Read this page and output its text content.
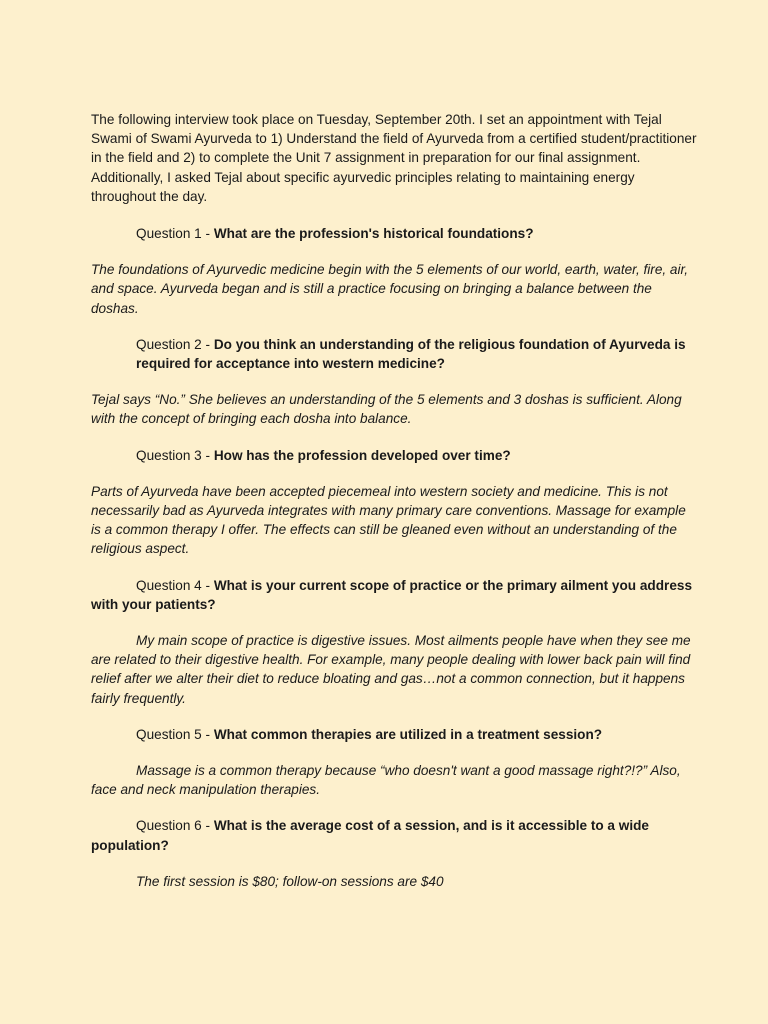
The following interview took place on Tuesday, September 20th. I set an appointment with Tejal Swami of Swami Ayurveda to 1) Understand the field of Ayurveda from a certified student/practitioner in the field and 2) to complete the Unit 7 assignment in preparation for our final assignment. Additionally, I asked Tejal about specific ayurvedic principles relating to maintaining energy throughout the day.

Question 1 - What are the profession's historical foundations?

The foundations of Ayurvedic medicine begin with the 5 elements of our world, earth, water, fire, air, and space. Ayurveda began and is still a practice focusing on bringing a balance between the doshas.

Question 2 - Do you think an understanding of the religious foundation of Ayurveda is required for acceptance into western medicine?

Tejal says “No.” She believes an understanding of the 5 elements and 3 doshas is sufficient. Along with the concept of bringing each dosha into balance.

Question 3 - How has the profession developed over time?

Parts of Ayurveda have been accepted piecemeal into western society and medicine. This is not necessarily bad as Ayurveda integrates with many primary care conventions. Massage for example is a common therapy I offer. The effects can still be gleaned even without an understanding of the religious aspect.

Question 4 - What is your current scope of practice or the primary ailment you address with your patients?

My main scope of practice is digestive issues. Most ailments people have when they see me are related to their digestive health. For example, many people dealing with lower back pain will find relief after we alter their diet to reduce bloating and gas…not a common connection, but it happens fairly frequently.

Question 5 - What common therapies are utilized in a treatment session?

Massage is a common therapy because “who doesn't want a good massage right?!?” Also, face and neck manipulation therapies.

Question 6 - What is the average cost of a session, and is it accessible to a wide population?

The first session is $80; follow-on sessions are $40
